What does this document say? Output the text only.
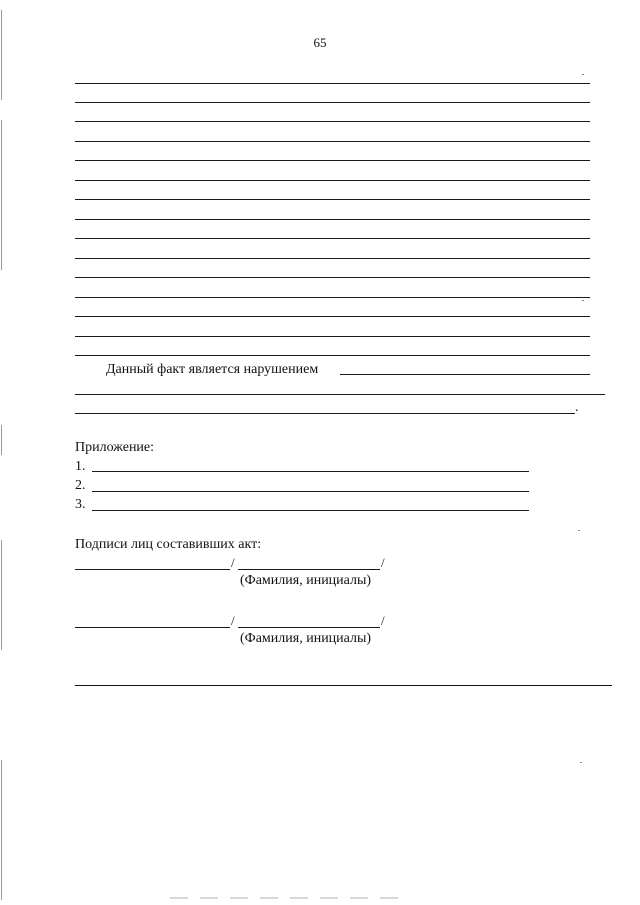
65
Данный факт является нарушением
.
Приложение:
1.
2.
3.
Подписи лиц составивших акт:
/	/
(Фамилия, инициалы)
/	/
(Фамилия, инициалы)
